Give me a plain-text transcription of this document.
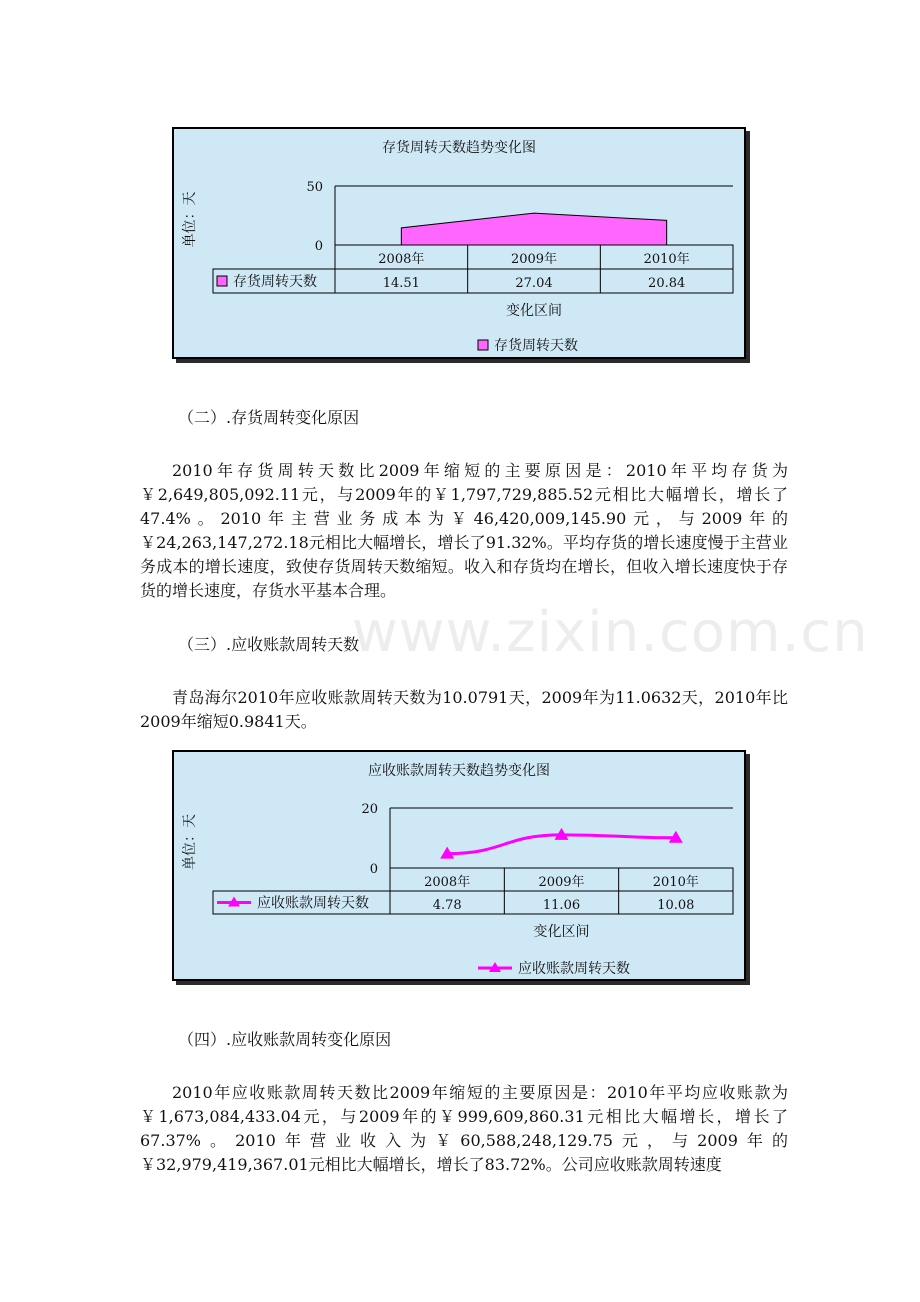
存货周转天数趋势变化图
单位：天
50
0
2008年
14.51
2009年
27.04
2010年
20.84
存货周转天数
变化区间
存货周转天数
（二）.存货周转变化原因

2010年存货周转天数比2009年缩短的主要原因是：2010年平均存货为￥2,649,805,092.11元，与2009年的￥1,797,729,885.52元相比大幅增长，增长了47.4%。2010年主营业务成本为￥46,420,009,145.90元，与2009年的￥24,263,147,272.18元相比大幅增长，增长了91.32%。平均存货的增长速度慢于主营业务成本的增长速度，致使存货周转天数缩短。收入和存货均在增长，但收入增长速度快于存货的增长速度，存货水平基本合理。

（三）.应收账款周转天数

青岛海尔2010年应收账款周转天数为10.0791天，2009年为11.0632天，2010年比2009年缩短0.9841天。

应收账款周转天数趋势变化图
单位：天
20
0
2008年
4.78
2009年
11.06
2010年
10.08
应收账款周转天数
变化区间
应收账款周转天数
（四）.应收账款周转变化原因

2010年应收账款周转天数比2009年缩短的主要原因是：2010年平均应收账款为￥1,673,084,433.04元，与2009年的￥999,609,860.31元相比大幅增长，增长了67.37%。2010年营业收入为￥60,588,248,129.75元，与2009年的￥32,979,419,367.01元相比大幅增长，增长了83.72%。公司应收账款周转速度

www.zixin.com.cn
